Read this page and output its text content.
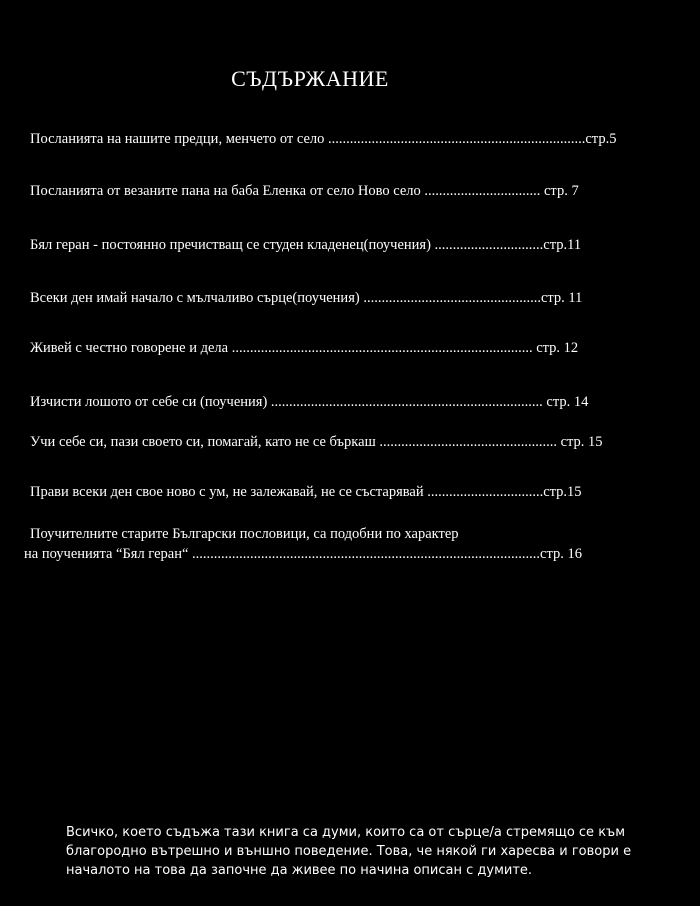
СЪДЪРЖАНИЕ
Посланията на нашите предци, менчето от село .......................................................................стр.5
Посланията от везаните пана на баба Еленка от село Ново село ................................ стр. 7
Бял геран - постоянно пречистващ се студен кладенец(поучения) ..............................стр.11
Всеки ден имай начало с мълчаливо сърце(поучения) .................................................стр. 11
Живей с честно говорене и дела ................................................................................... стр. 12
Изчисти лошото от себе си (поучения) ........................................................................... стр. 14
Учи себе си, пази своето си, помагай, като не се бъркаш ................................................. стр. 15
Прави всеки ден свое ново с ум, не залежавай, не се състарявай ................................стр.15
Поучителните старите Български пословици, са подобни по характер
на поученията “Бял геран“ ................................................................................................стр. 16

Всичко, което съдъжа тази книга са думи, които са от сърце/а стремящо се към
благородно вътрешно и външно поведение. Това, че някой ги харесва и говори е
началото на това да започне да живее по начина описан с думите.
